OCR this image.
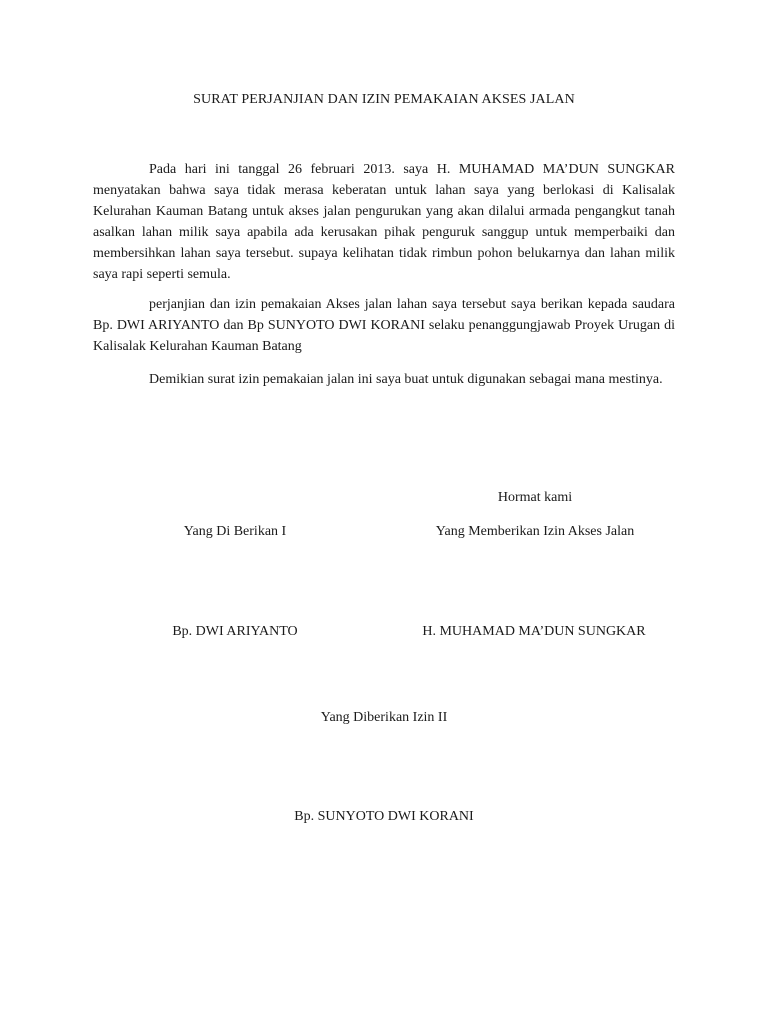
SURAT PERJANJIAN DAN IZIN PEMAKAIAN AKSES JALAN

Pada hari ini tanggal 26 februari 2013. saya H. MUHAMAD MA’DUN SUNGKAR menyatakan bahwa saya tidak merasa keberatan untuk lahan saya yang berlokasi di Kalisalak Kelurahan Kauman Batang untuk akses jalan pengurukan yang akan dilalui armada pengangkut tanah asalkan lahan milik saya apabila ada kerusakan pihak penguruk sanggup untuk memperbaiki dan membersihkan lahan saya tersebut. supaya kelihatan tidak rimbun pohon belukarnya dan lahan milik saya rapi seperti semula.

perjanjian dan izin pemakaian Akses jalan lahan saya tersebut saya berikan kepada saudara Bp. DWI ARIYANTO dan Bp SUNYOTO DWI KORANI selaku penanggungjawab Proyek Urugan di Kalisalak Kelurahan Kauman Batang

Demikian surat izin pemakaian jalan ini saya buat untuk digunakan sebagai mana mestinya.

Hormat kami
Yang Di Berikan I	Yang Memberikan Izin Akses Jalan
Bp. DWI ARIYANTO	H. MUHAMAD MA’DUN SUNGKAR
Yang Diberikan Izin II
Bp. SUNYOTO DWI KORANI
